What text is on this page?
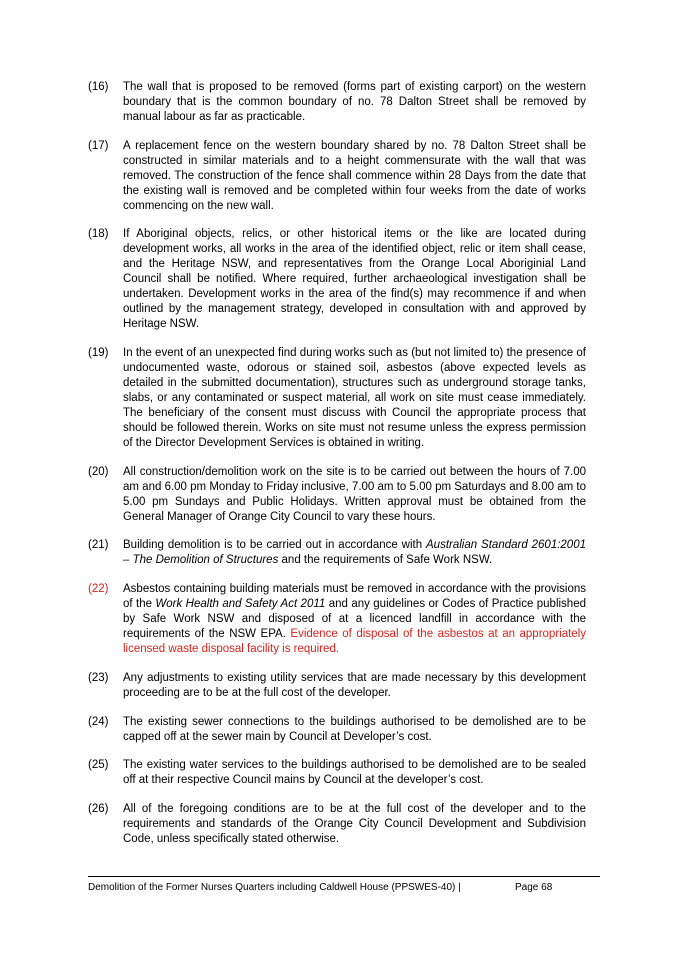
(16) The wall that is proposed to be removed (forms part of existing carport) on the western boundary that is the common boundary of no. 78 Dalton Street shall be removed by manual labour as far as practicable.
(17) A replacement fence on the western boundary shared by no. 78 Dalton Street shall be constructed in similar materials and to a height commensurate with the wall that was removed. The construction of the fence shall commence within 28 Days from the date that the existing wall is removed and be completed within four weeks from the date of works commencing on the new wall.
(18) If Aboriginal objects, relics, or other historical items or the like are located during development works, all works in the area of the identified object, relic or item shall cease, and the Heritage NSW, and representatives from the Orange Local Aboriginial Land Council shall be notified. Where required, further archaeological investigation shall be undertaken. Development works in the area of the find(s) may recommence if and when outlined by the management strategy, developed in consultation with and approved by Heritage NSW.
(19) In the event of an unexpected find during works such as (but not limited to) the presence of undocumented waste, odorous or stained soil, asbestos (above expected levels as detailed in the submitted documentation), structures such as underground storage tanks, slabs, or any contaminated or suspect material, all work on site must cease immediately. The beneficiary of the consent must discuss with Council the appropriate process that should be followed therein. Works on site must not resume unless the express permission of the Director Development Services is obtained in writing.
(20) All construction/demolition work on the site is to be carried out between the hours of 7.00 am and 6.00 pm Monday to Friday inclusive, 7.00 am to 5.00 pm Saturdays and 8.00 am to 5.00 pm Sundays and Public Holidays. Written approval must be obtained from the General Manager of Orange City Council to vary these hours.
(21) Building demolition is to be carried out in accordance with Australian Standard 2601:2001 – The Demolition of Structures and the requirements of Safe Work NSW.
(22) Asbestos containing building materials must be removed in accordance with the provisions of the Work Health and Safety Act 2011 and any guidelines or Codes of Practice published by Safe Work NSW and disposed of at a licenced landfill in accordance with the requirements of the NSW EPA. Evidence of disposal of the asbestos at an appropriately licensed waste disposal facility is required.
(23) Any adjustments to existing utility services that are made necessary by this development proceeding are to be at the full cost of the developer.
(24) The existing sewer connections to the buildings authorised to be demolished are to be capped off at the sewer main by Council at Developer’s cost.
(25) The existing water services to the buildings authorised to be demolished are to be sealed off at their respective Council mains by Council at the developer’s cost.
(26) All of the foregoing conditions are to be at the full cost of the developer and to the requirements and standards of the Orange City Council Development and Subdivision Code, unless specifically stated otherwise.
Demolition of the Former Nurses Quarters including Caldwell House (PPSWES-40) |	Page 68
